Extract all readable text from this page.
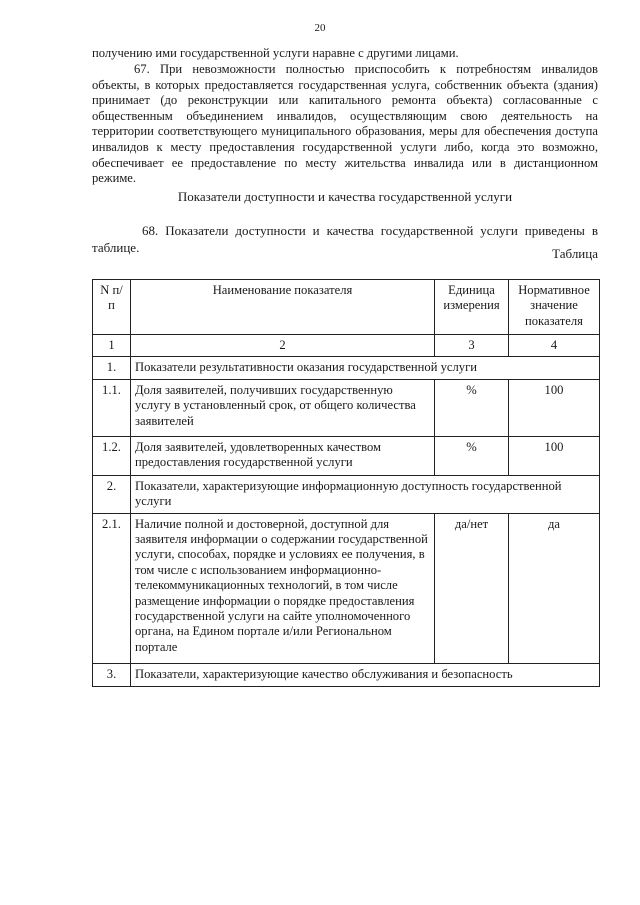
20

получению ими государственной услуги наравне с другими лицами.

67. При невозможности полностью приспособить к потребностям инвалидов объекты, в которых предоставляется государственная услуга, собственник объекта (здания) принимает (до реконструкции или капитального ремонта объекта) согласованные с общественным объединением инвалидов, осуществляющим свою деятельность на территории соответствующего муниципального образования, меры для обеспечения доступа инвалидов к месту предоставления государственной услуги либо, когда это возможно, обеспечивает ее предоставление по месту жительства инвалида или в дистанционном режиме.

Показатели доступности и качества государственной услуги

68. Показатели доступности и качества государственной услуги приведены в таблице.	Таблица
N п/п	Наименование показателя	Единица измерения	Нормативное значение показателя
1	2	3	4
1.	Показатели результативности оказания государственной услуги		
1.1.	Доля заявителей, получивших государственную услугу в установленный срок, от общего количества заявителей	%	100
1.2.	Доля заявителей, удовлетворенных качеством предоставления государственной услуги	%	100
2.	Показатели, характеризующие информационную доступность государственной услуги		
2.1.	Наличие полной и достоверной, доступной для заявителя информации о содержании государственной услуги, способах, порядке и условиях ее получения, в том числе с использованием информационно-телекоммуникационных технологий, в том числе размещение информации о порядке предоставления государственной услуги на сайте уполномоченного органа, на Едином портале и/или Региональном портале	да/нет	да
3.	Показатели, характеризующие качество обслуживания и безопасность		
